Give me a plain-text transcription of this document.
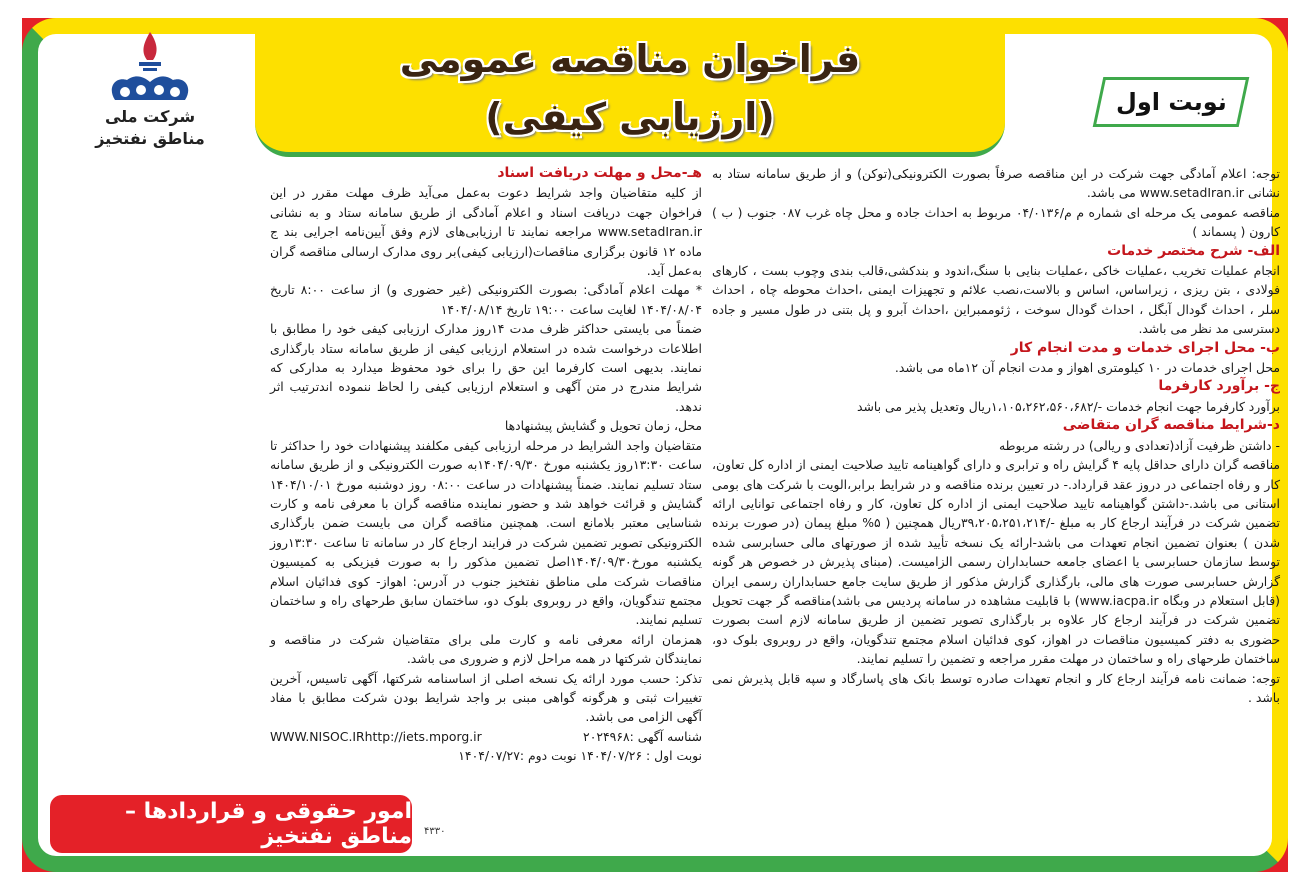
فراخوان مناقصه عمومی
(ارزیابی کیفی)	نوبت اول
شرکت ملی
مناطق نفتخیز

توجه: اعلام آمادگی جهت شرکت در این مناقصه صرفاً بصورت الکترونیکی(توکن) و از طریق سامانه ستاد به نشانی www.setadIran.ir می باشد.

مناقصه عمومی یک مرحله ای شماره م م/۰۴/۰۱۳۶ مربوط به احداث جاده و محل چاه غرب ۰۸۷ جنوب ( ب ) کارون ( پسماند )

الف- شرح مختصر خدمات

انجام عملیات تخریب ،عملیات خاکی ،عملیات بنایی با سنگ،اندود و بندکشی،قالب بندی وچوب بست ، کارهای فولادی ، بتن ریزی ، زیراساس، اساس و بالاست،نصب علائم و تجهیزات ایمنی ،احداث محوطه چاه ، احداث سلر ، احداث گودال آبگل ، احداث گودال سوخت ، ژئوممبراین ،احداث آبرو و پل بتنی در طول مسیر و جاده دسترسی مد نظر می باشد.

ب- محل اجرای خدمات و مدت انجام کار

محل اجرای خدمات در ۱۰ کیلومتری اهواز و مدت انجام آن ۱۲ماه می باشد.

ج- برآورد کارفرما

برآورد کارفرما جهت انجام خدمات -/۱،۱۰۵،۲۶۲،۵۶۰،۶۸۲ریال وتعدیل پذیر می باشد

د-شرایط مناقصه گران متقاضی

- داشتن ظرفیت آزاد(تعدادی و ریالی) در رشته مربوطه

مناقصه گران دارای حداقل پایه ۴ گرایش راه و ترابری و دارای گواهینامه تایید صلاحیت ایمنی از اداره کل تعاون، کار و رفاه اجتماعی در دروز عقد قرارداد.- در تعیین برنده مناقصه و در شرایط برابر،الویت با شرکت های بومی استانی می باشد.-داشتن گواهینامه تایید صلاحیت ایمنی از اداره کل تعاون، کار و رفاه اجتماعی توانایی ارائه تضمین شرکت در فرآیند ارجاع کار به مبلغ -/۳۹،۲۰۵،۲۵۱،۲۱۴ریال همچنین ( ۵% مبلغ پیمان (در صورت برنده شدن ) بعنوان تضمین انجام تعهدات می باشد-ارائه یک نسخه تأیید شده از صورتهای مالی حسابرسی شده توسط سازمان حسابرسی یا اعضای جامعه حسابداران رسمی الزامیست. (مبنای پذیرش در خصوص هر گونه گزارش حسابرسی صورت های مالی، بارگذاری گزارش مذکور از طریق سایت جامع حسابداران رسمی ایران (قابل استعلام در وبگاه www.iacpa.ir) با قابلیت مشاهده در سامانه پردیس می باشد)مناقصه گر جهت تحویل تضمین شرکت در فرآیند ارجاع کار علاوه بر بارگذاری تصویر تضمین از طریق سامانه لازم است بصورت حضوری به دفتر کمیسیون مناقصات در اهواز، کوی فدائیان اسلام مجتمع تندگویان، واقع در روبروی بلوک دو، ساختمان طرحهای راه و ساختمان در مهلت مقرر مراجعه و تضمین را تسلیم نمایند.

توجه: ضمانت نامه فرآیند ارجاع کار و انجام تعهدات صادره توسط بانک های پاسارگاد و سپه قابل پذیرش نمی باشد .

هـ-محل و مهلت دریافت اسناد

از کلیه متقاضیان واجد شرایط دعوت به‌عمل می‌آید ظرف مهلت مقرر در این فراخوان جهت دریافت اسناد و اعلام آمادگی از طریق سامانه ستاد و به نشانی www.setadIran.ir مراجعه نمایند تا ارزیابی‌های لازم وفق آیین‌نامه اجرایی بند ج ماده ۱۲ قانون برگزاری مناقصات(ارزیابی کیفی)بر روی مدارک ارسالی مناقصه گران به‌عمل آید.

* مهلت اعلام آمادگی: بصورت الکترونیکی (غیر حضوری و) از ساعت ۸:۰۰ تاریخ ۱۴۰۴/۰۸/۰۴ لغایت ساعت ۱۹:۰۰ تاریخ ۱۴۰۴/۰۸/۱۴

ضمناً می بایستی حداکثر ظرف مدت ۱۴روز مدارک ارزیابی کیفی خود را مطابق با اطلاعات درخواست شده در استعلام ارزیابی کیفی از طریق سامانه ستاد بارگذاری نمایند. بدیهی است کارفرما این حق را برای خود محفوظ میدارد به مدارکی که شرایط مندرج در متن آگهی و استعلام ارزیابی کیفی را لحاظ ننموده اندترتیب اثر ندهد.

محل، زمان تحویل و گشایش پیشنهادها

متقاضیان واجد الشرایط در مرحله ارزیابی کیفی مکلفند پیشنهادات خود را حداکثر تا ساعت ۱۳:۳۰روز یکشنبه مورخ ۱۴۰۴/۰۹/۳۰به صورت الکترونیکی و از طریق سامانه ستاد تسلیم نمایند. ضمناً پیشنهادات در ساعت ۰۸:۰۰ روز دوشنبه مورخ ۱۴۰۴/۱۰/۰۱ گشایش و قرائت خواهد شد و حضور نماینده مناقصه گران با معرفی نامه و کارت شناسایی معتبر بلامانع است. همچنین مناقصه گران می بایست ضمن بارگذاری الکترونیکی تصویر تضمین شرکت در فرایند ارجاع کار در سامانه تا ساعت ۱۳:۳۰روز یکشنبه مورخ۱۴۰۴/۰۹/۳۰اصل تضمین مذکور را به صورت فیزیکی به کمیسیون مناقصات شرکت ملی مناطق نفتخیز جنوب در آدرس: اهواز- کوی فدائیان اسلام مجتمع تندگویان، واقع در روبروی بلوک دو، ساختمان سابق طرحهای راه و ساختمان تسلیم نمایند.

همزمان ارائه معرفی نامه و کارت ملی برای متقاضیان شرکت در مناقصه و نمایندگان شرکتها در همه مراحل لازم و ضروری می باشد.

تذکر: حسب مورد ارائه یک نسخه اصلی از اساسنامه شرکتها، آگهی تاسیس، آخرین تغییرات ثبتی و هرگونه گواهی مبنی بر واجد شرایط بودن شرکت مطابق با مفاد آگهی الزامی می باشد.

شناسه آگهی :۲۰۲۴۹۶۸
WWW.NISOC.IRhttp://iets.mporg.ir

نوبت اول : ۱۴۰۴/۰۷/۲۶ نوبت دوم :۱۴۰۴/۰۷/۲۷

امور حقوقی و قراردادها – مناطق نفتخیز ۴۳۳۰
